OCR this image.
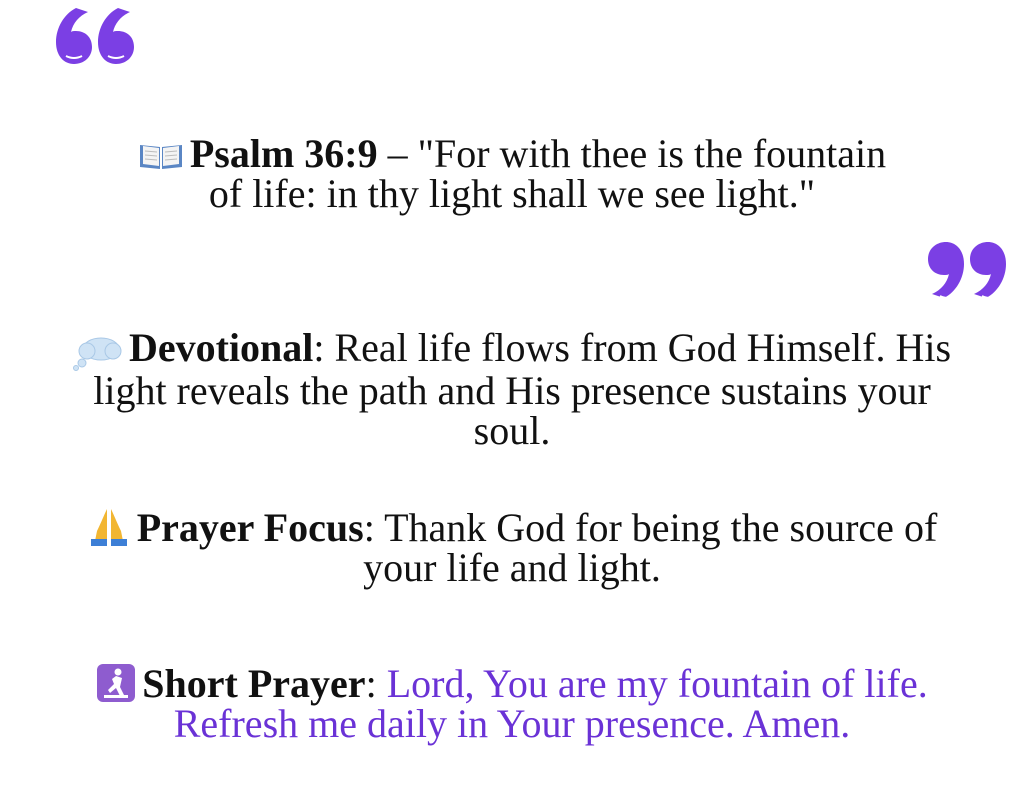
Psalm 36:9 – "For with thee is the fountain
of life: in thy light shall we see light."
Devotional: Real life flows from God Himself. His
light reveals the path and His presence sustains your
soul.
Prayer Focus: Thank God for being the source of
your life and light.
Short Prayer: Lord, You are my fountain of life.
Refresh me daily in Your presence. Amen.
